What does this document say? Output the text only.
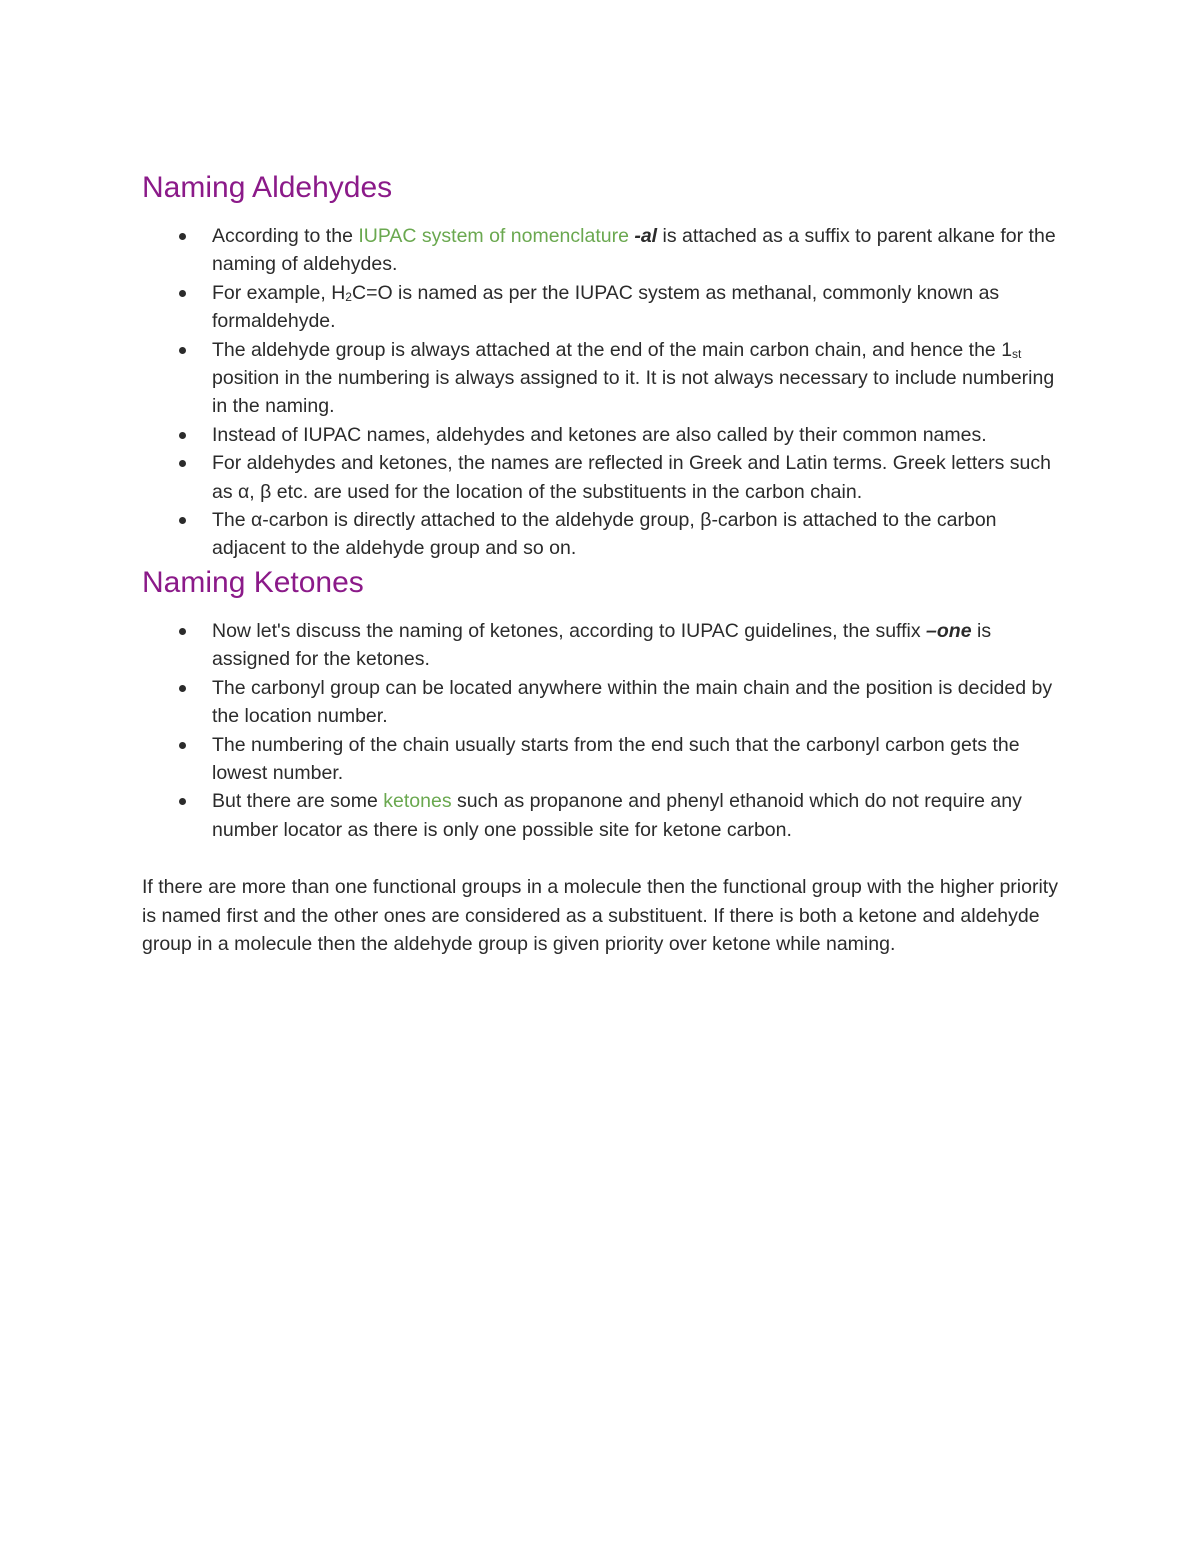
Naming Aldehydes
According to the IUPAC system of nomenclature -al is attached as a suffix to parent alkane for the naming of aldehydes.
For example, $H_2C=O$ is named as per the IUPAC system as methanal, commonly known as formaldehyde.
The aldehyde group is always attached at the end of the main carbon chain, and hence the 1st position in the numbering is always assigned to it. It is not always necessary to include numbering in the naming.
Instead of IUPAC names, aldehydes and ketones are also called by their common names.
For aldehydes and ketones, the names are reflected in Greek and Latin terms. Greek letters such as α, β etc. are used for the location of the substituents in the carbon chain.
The α-carbon is directly attached to the aldehyde group, β-carbon is attached to the carbon adjacent to the aldehyde group and so on.
Naming Ketones
Now let's discuss the naming of ketones, according to IUPAC guidelines, the suffix –one is assigned for the ketones.
The carbonyl group can be located anywhere within the main chain and the position is decided by the location number.
The numbering of the chain usually starts from the end such that the carbonyl carbon gets the lowest number.
But there are some ketones such as propanone and phenyl ethanoid which do not require any number locator as there is only one possible site for ketone carbon.

If there are more than one functional groups in a molecule then the functional group with the higher priority is named first and the other ones are considered as a substituent. If there is both a ketone and aldehyde group in a molecule then the aldehyde group is given priority over ketone while naming.
